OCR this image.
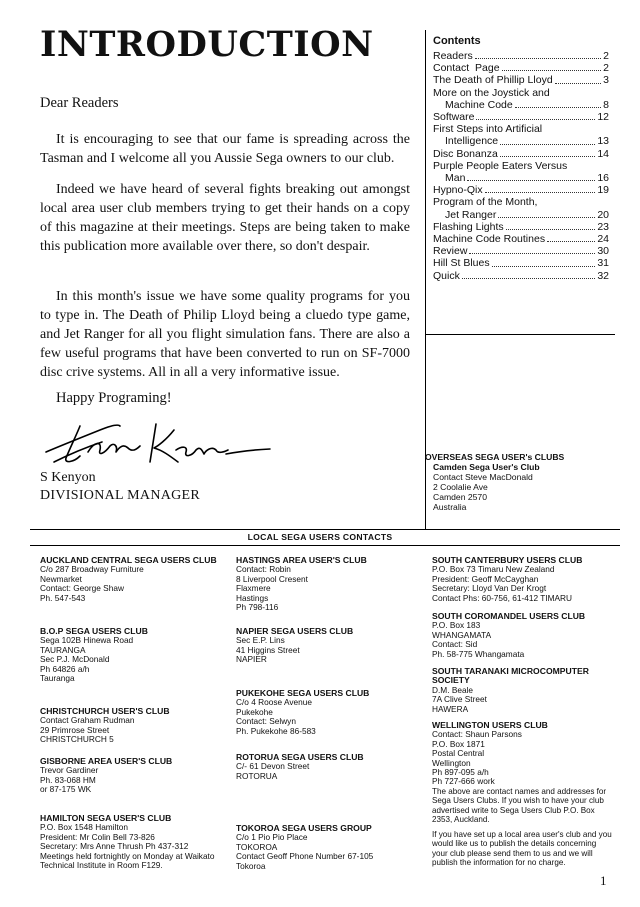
INTRODUCTION
Dear Readers
It is encouraging to see that our fame is spreading across the Tasman and I welcome all you Aussie Sega owners to our club.
Indeed we have heard of several fights breaking out amongst local area user club members trying to get their hands on a copy of this magazine at their meetings. Steps are being taken to make this publication more available over there, so don't despair.
In this month's issue we have some quality programs for you to type in. The Death of Philip Lloyd being a cluedo type game, and Jet Ranger for all you flight simulation fans. There are also a few useful programs that have been converted to run on SF-7000 disc crive systems. All in all a very informative issue.
Happy Programing!
S Kenyon
DIVISIONAL MANAGER
Contents
Readers	2
Contact  Page	2
The Death of Phillip Lloyd	3
More on the Joystick and
Machine Code	8
Software	12
First Steps into Artificial
Intelligence	13
Disc Bonanza	14
Purple People Eaters Versus
Man	16
Hypno-Qix	19
Program of the Month,
Jet Ranger	20
Flashing Lights	23
Machine Code Routines	24
Review	30
Hill St Blues	31
Quick	32
OVERSEAS SEGA USER's CLUBS
Camden Sega User's Club
Contact Steve MacDonald
2 Coolalie Ave
Camden 2570
Australia
LOCAL SEGA USERS CONTACTS
AUCKLAND CENTRAL SEGA USERS CLUB
C/o 287 Broadway Furniture
Newmarket
Contact: George Shaw
Ph. 547-543
B.O.P SEGA USERS CLUB
Sega 102B Hinewa Road
TAURANGA
Sec P.J. McDonald
Ph 64826 a/h
Tauranga
CHRISTCHURCH USER'S CLUB
Contact Graham Rudman
29 Primrose Street
CHRISTCHURCH 5
GISBORNE AREA USER'S CLUB
Trevor Gardiner
Ph. 83-068 HM
or 87-175 WK
HAMILTON SEGA USER'S CLUB
P.O. Box 1548 Hamilton
President: Mr Colin Bell 73-826
Secretary: Mrs Anne Thrush Ph 437-312
Meetings held fortnightly on Monday at Waikato
Technical Institute in Room F129.
HASTINGS AREA USER'S CLUB
Contact: Robin
8 Liverpool Cresent
Flaxmere
Hastings
Ph 798-116
NAPIER SEGA USERS CLUB
Sec E.P. Lins
41 Higgins Street
NAPIER
PUKEKOHE SEGA USERS CLUB
C/o 4 Roose Avenue
Pukekohe
Contact: Selwyn
Ph. Pukekohe 86-583
ROTORUA SEGA USERS CLUB
C/- 61 Devon Street
ROTORUA
TOKOROA SEGA USERS GROUP
C/o 1 Pio Pio Place
TOKOROA
Contact Geoff Phone Number 67-105
Tokoroa
SOUTH CANTERBURY USERS CLUB
P.O. Box 73 Timaru New Zealand
President: Geoff McCayghan
Secretary: Lloyd Van Der Krogt
Contact Phs: 60-756, 61-412 TIMARU
SOUTH COROMANDEL USERS CLUB
P.O. Box 183
WHANGAMATA
Contact: Sid
Ph. 58-775 Whangamata
SOUTH TARANAKI MICROCOMPUTER SOCIETY
D.M. Beale
7A Clive Street
HAWERA
WELLINGTON USERS CLUB
Contact: Shaun Parsons
P.O. Box 1871
Postal Central
Wellington
Ph 897-095 a/h
Ph 727-666 work

The above are contact names and addresses for Sega Users Clubs. If you wish to have your club advertised write to Sega Users Club P.O. Box 2353, Auckland.

If you have set up a local area user's club and you would like us to publish the details concerning your club please send them to us and we will publish the information for no charge.

1
